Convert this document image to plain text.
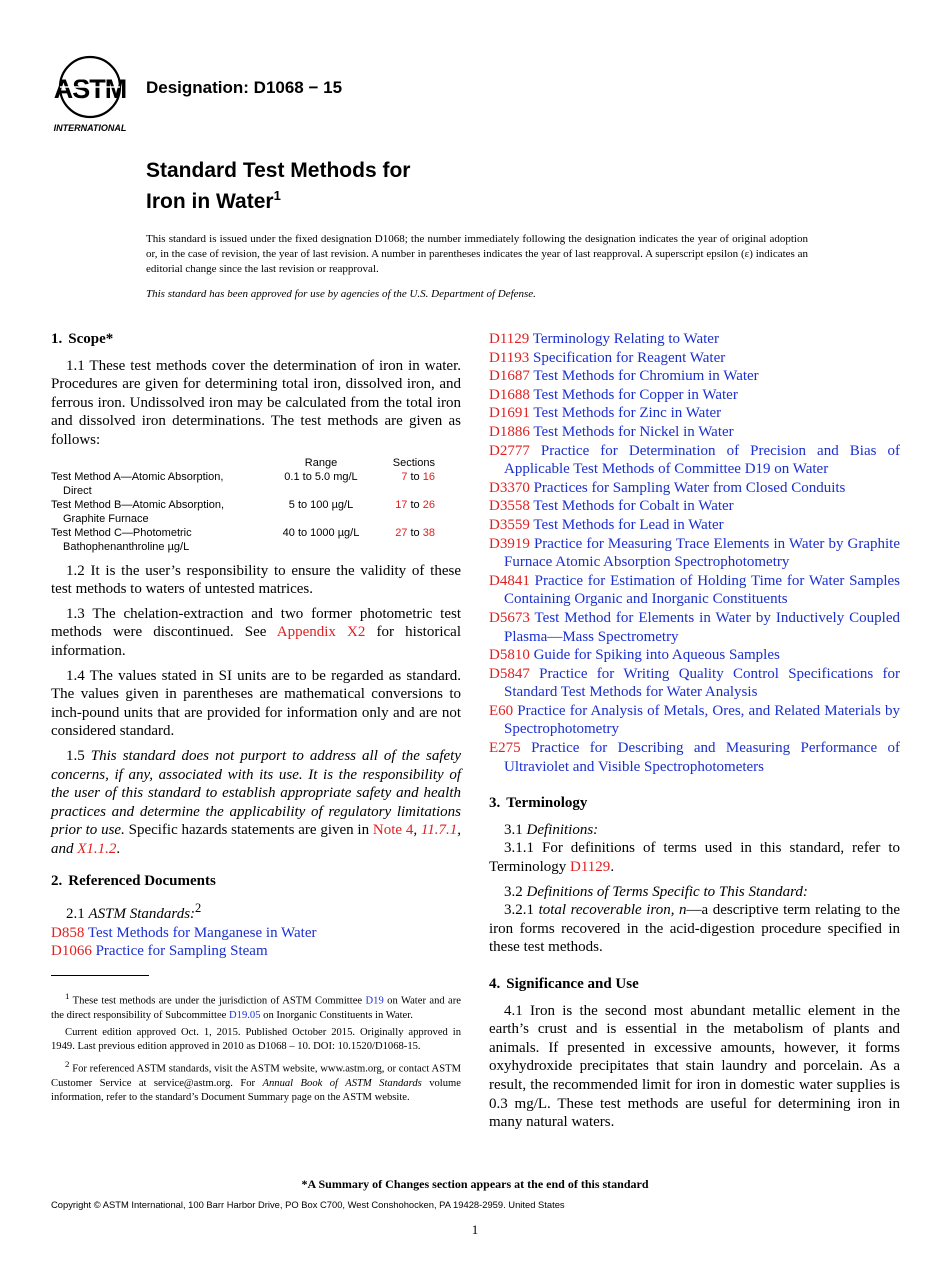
ASTM
INTERNATIONAL
Designation: D1068 − 15
Standard Test Methods for
Iron in Water$^1$

This standard is issued under the fixed designation D1068; the number immediately following the designation indicates the year of original adoption or, in the case of revision, the year of last revision. A number in parentheses indicates the year of last reapproval. A superscript epsilon (ε) indicates an editorial change since the last revision or reapproval.

This standard has been approved for use by agencies of the U.S. Department of Defense.

1. Scope*

1.1 These test methods cover the determination of iron in water. Procedures are given for determining total iron, dissolved iron, and ferrous iron. Undissolved iron may be calculated from the total iron and dissolved iron determinations. The test methods are given as follows:

	Range	Sections

Test Method A—Atomic Absorption,
Direct	0.1 to 5.0 mg/L	7 to 16

Test Method B—Atomic Absorption,
Graphite Furnace	5 to 100 µg/L	17 to 26

Test Method C—Photometric
Bathophenanthroline µg/L	40 to 1000 µg/L	27 to 38

1.2 It is the user’s responsibility to ensure the validity of these test methods to waters of untested matrices.

1.3 The chelation-extraction and two former photometric test methods were discontinued. See Appendix X2 for historical information.

1.4 The values stated in SI units are to be regarded as standard. The values given in parentheses are mathematical conversions to inch-pound units that are provided for information only and are not considered standard.

1.5 This standard does not purport to address all of the safety concerns, if any, associated with its use. It is the responsibility of the user of this standard to establish appropriate safety and health practices and determine the applicability of regulatory limitations prior to use. Specific hazards statements are given in Note 4, 11.7.1, and X1.1.2.

2. Referenced Documents

2.1 ASTM Standards:$^2$

D858 Test Methods for Manganese in Water

D1066 Practice for Sampling Steam

D1129 Terminology Relating to Water

D1193 Specification for Reagent Water

D1687 Test Methods for Chromium in Water

D1688 Test Methods for Copper in Water

D1691 Test Methods for Zinc in Water

D1886 Test Methods for Nickel in Water

D2777 Practice for Determination of Precision and Bias of Applicable Test Methods of Committee D19 on Water

D3370 Practices for Sampling Water from Closed Conduits

D3558 Test Methods for Cobalt in Water

D3559 Test Methods for Lead in Water

D3919 Practice for Measuring Trace Elements in Water by Graphite Furnace Atomic Absorption Spectrophotometry

D4841 Practice for Estimation of Holding Time for Water Samples Containing Organic and Inorganic Constituents

D5673 Test Method for Elements in Water by Inductively Coupled Plasma—Mass Spectrometry

D5810 Guide for Spiking into Aqueous Samples

D5847 Practice for Writing Quality Control Specifications for Standard Test Methods for Water Analysis

E60 Practice for Analysis of Metals, Ores, and Related Materials by Spectrophotometry

E275 Practice for Describing and Measuring Performance of Ultraviolet and Visible Spectrophotometers

3. Terminology

3.1 Definitions:

3.1.1 For definitions of terms used in this standard, refer to Terminology D1129.

3.2 Definitions of Terms Specific to This Standard:

3.2.1 total recoverable iron, n—a descriptive term relating to the iron forms recovered in the acid-digestion procedure specified in these test methods.

4. Significance and Use

4.1 Iron is the second most abundant metallic element in the earth’s crust and is essential in the metabolism of plants and animals. If presented in excessive amounts, however, it forms oxyhydroxide precipitates that stain laundry and porcelain. As a result, the recommended limit for iron in domestic water supplies is 0.3 mg/L. These test methods are useful for determining iron in many natural waters.

$^1$ These test methods are under the jurisdiction of ASTM Committee D19 on Water and are the direct responsibility of Subcommittee D19.05 on Inorganic Constituents in Water.

Current edition approved Oct. 1, 2015. Published October 2015. Originally approved in 1949. Last previous edition approved in 2010 as D1068 – 10. DOI: 10.1520/D1068-15.

$^2$ For referenced ASTM standards, visit the ASTM website, www.astm.org, or contact ASTM Customer Service at service@astm.org. For Annual Book of ASTM Standards volume information, refer to the standard’s Document Summary page on the ASTM website.

*A Summary of Changes section appears at the end of this standard
Copyright © ASTM International, 100 Barr Harbor Drive, PO Box C700, West Conshohocken, PA 19428-2959. United States
1
